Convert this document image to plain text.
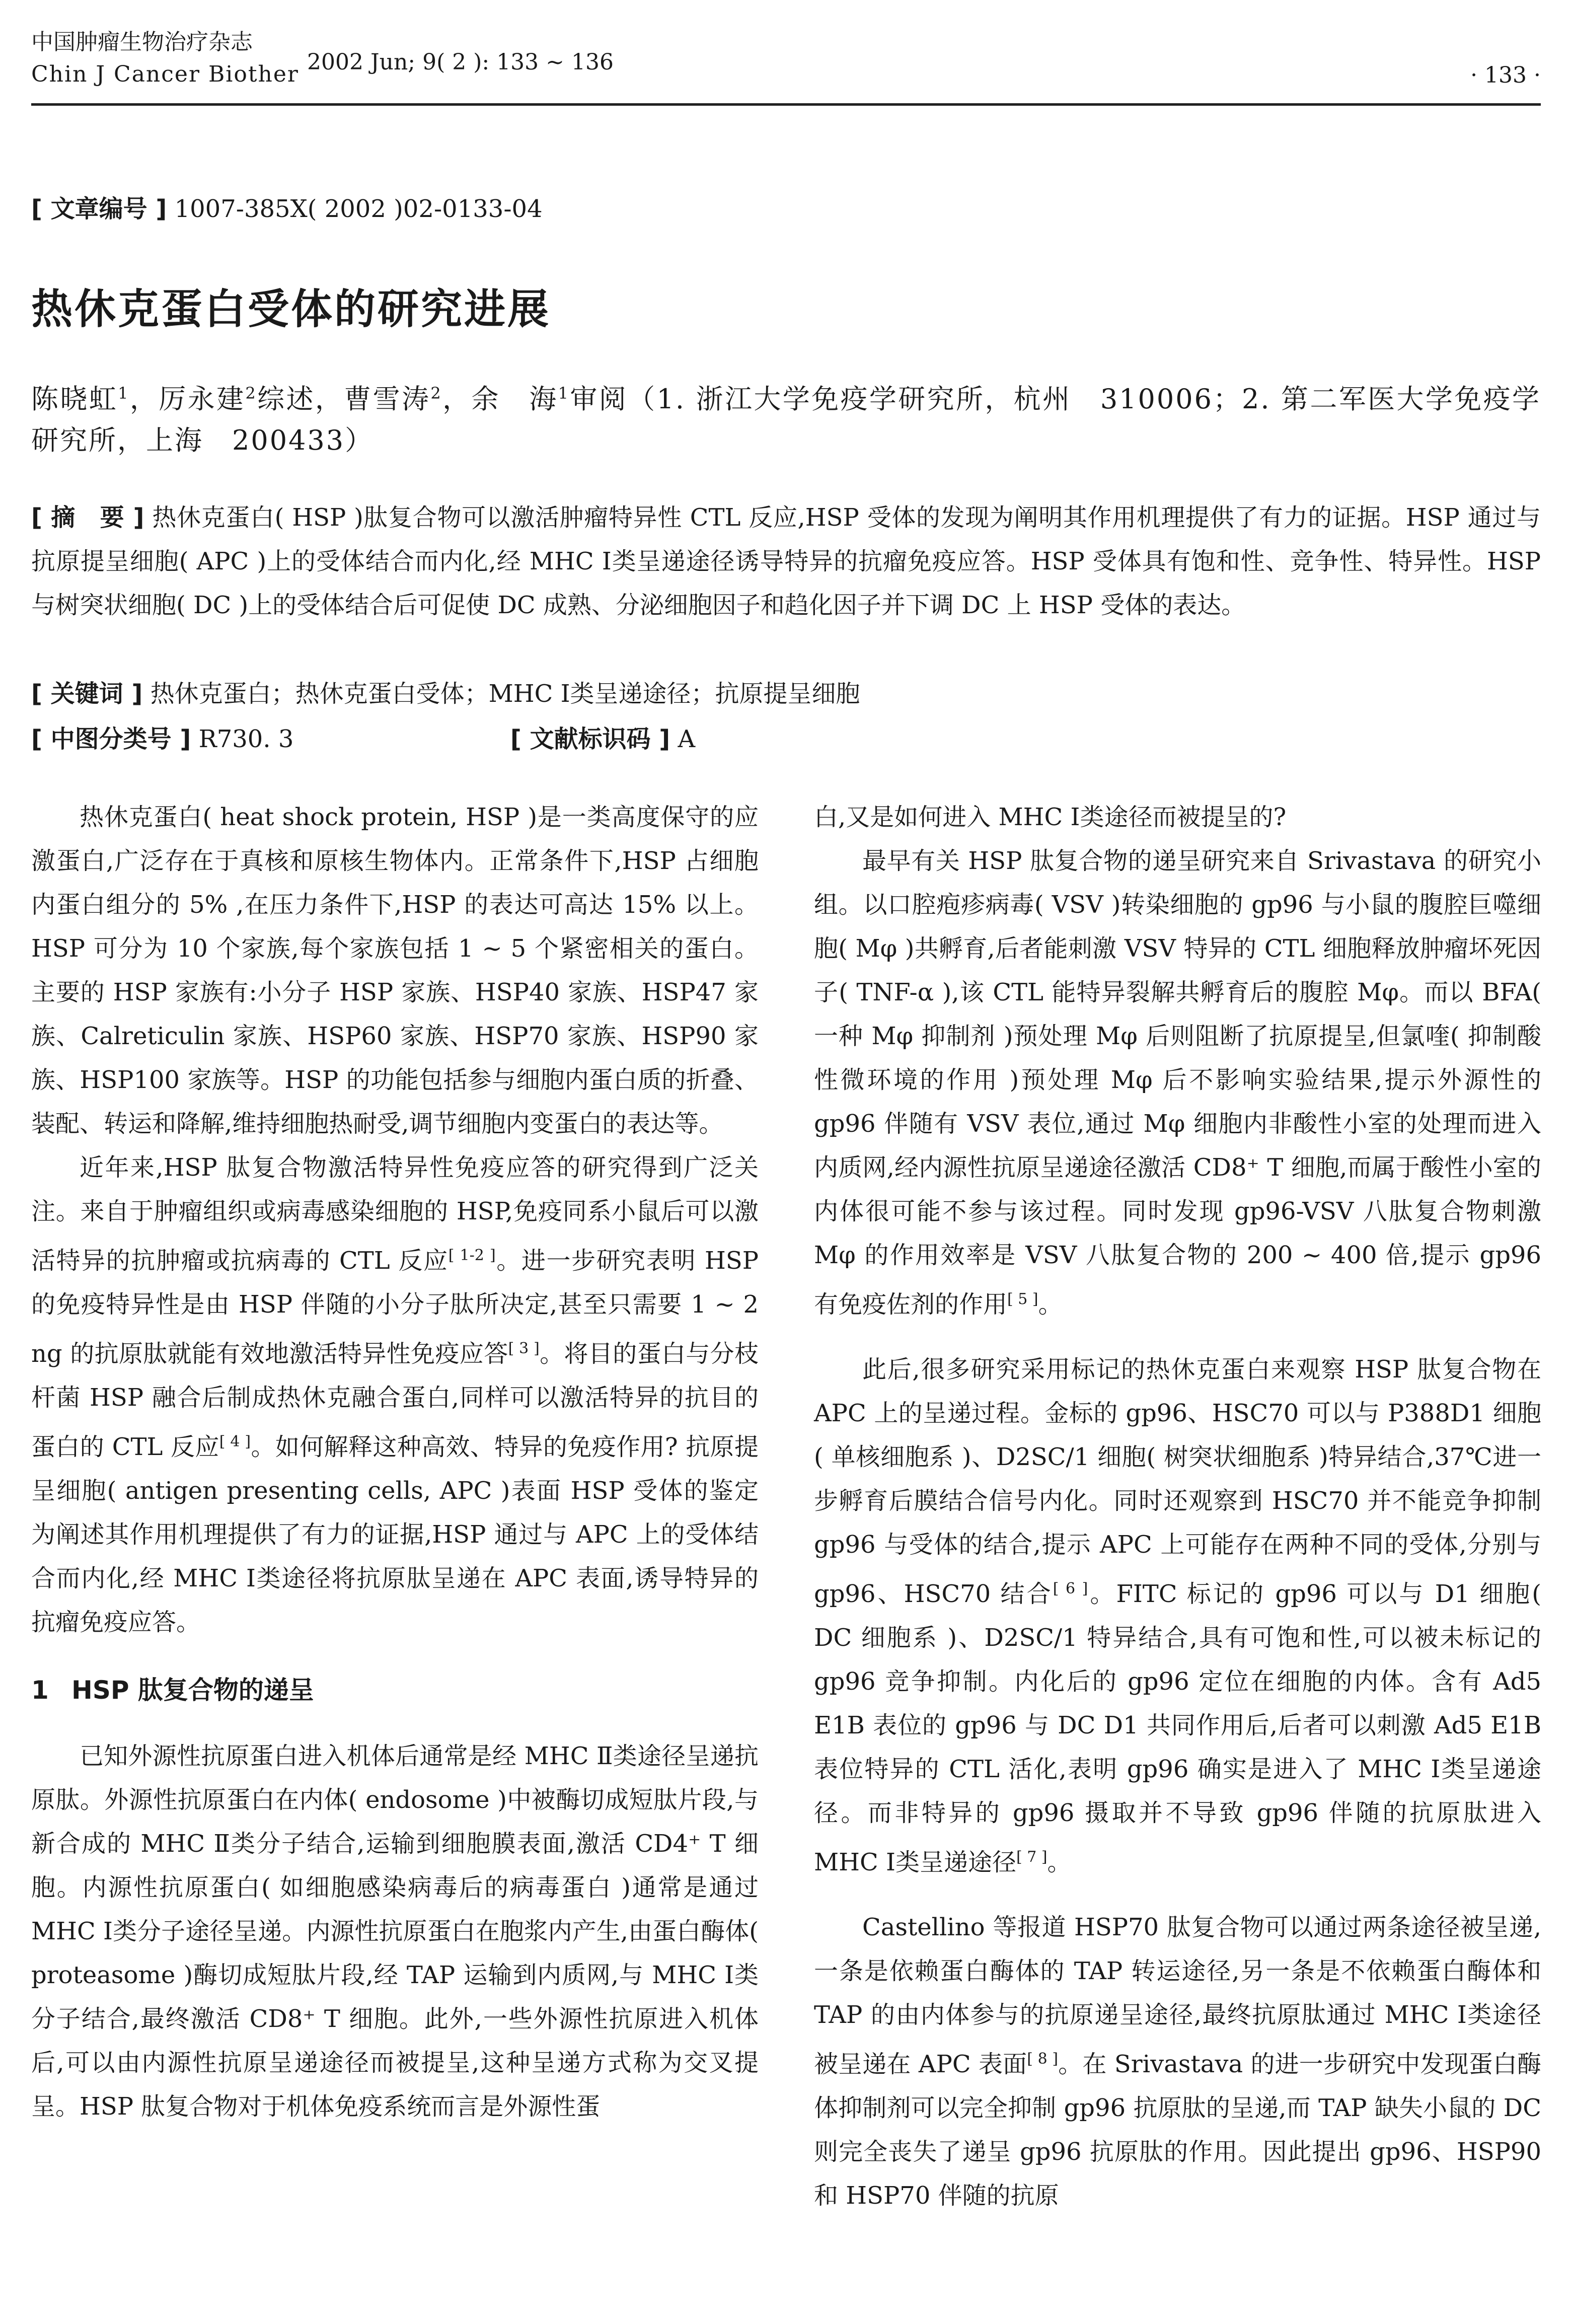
中国肿瘤生物治疗杂志
Chin J Cancer Biother 2002 Jun; 9( 2 ): 133 ~ 136
· 133 ·
[ 文章编号 ] 1007-385X( 2002 )02-0133-04
热休克蛋白受体的研究进展
陈晓虹$^1$，厉永建$^2$综述，曹雪涛$^2$，余　海$^1$审阅（1. 浙江大学免疫学研究所，杭州　310006；2. 第二军医大学免疫学研究所，上海　200433）
[ 摘　要 ] 热休克蛋白( HSP )肽复合物可以激活肿瘤特异性 CTL 反应,HSP 受体的发现为阐明其作用机理提供了有力的证据。HSP 通过与抗原提呈细胞( APC )上的受体结合而内化,经 MHC Ⅰ类呈递途径诱导特异的抗瘤免疫应答。HSP 受体具有饱和性、竞争性、特异性。HSP 与树突状细胞( DC )上的受体结合后可促使 DC 成熟、分泌细胞因子和趋化因子并下调 DC 上 HSP 受体的表达。
[ 关键词 ] 热休克蛋白；热休克蛋白受体；MHC Ⅰ类呈递途径；抗原提呈细胞
[ 中图分类号 ] R730. 3	[ 文献标识码 ] A

热休克蛋白( heat shock protein, HSP )是一类高度保守的应激蛋白,广泛存在于真核和原核生物体内。正常条件下,HSP 占细胞内蛋白组分的 5% ,在压力条件下,HSP 的表达可高达 15% 以上。HSP 可分为 10 个家族,每个家族包括 1 ~ 5 个紧密相关的蛋白。主要的 HSP 家族有:小分子 HSP 家族、HSP40 家族、HSP47 家族、Calreticulin 家族、HSP60 家族、HSP70 家族、HSP90 家族、HSP100 家族等。HSP 的功能包括参与细胞内蛋白质的折叠、装配、转运和降解,维持细胞热耐受,调节细胞内变蛋白的表达等。

近年来,HSP 肽复合物激活特异性免疫应答的研究得到广泛关注。来自于肿瘤组织或病毒感染细胞的 HSP,免疫同系小鼠后可以激活特异的抗肿瘤或抗病毒的 CTL 反应[ 1-2 ]。进一步研究表明 HSP 的免疫特异性是由 HSP 伴随的小分子肽所决定,甚至只需要 1 ~ 2 ng 的抗原肽就能有效地激活特异性免疫应答[ 3 ]。将目的蛋白与分枝杆菌 HSP 融合后制成热休克融合蛋白,同样可以激活特异的抗目的蛋白的 CTL 反应[ 4 ]。如何解释这种高效、特异的免疫作用? 抗原提呈细胞( antigen presenting cells, APC )表面 HSP 受体的鉴定为阐述其作用机理提供了有力的证据,HSP 通过与 APC 上的受体结合而内化,经 MHC Ⅰ类途径将抗原肽呈递在 APC 表面,诱导特异的抗瘤免疫应答。

1 HSP 肽复合物的递呈

已知外源性抗原蛋白进入机体后通常是经 MHC Ⅱ类途径呈递抗原肽。外源性抗原蛋白在内体( endosome )中被酶切成短肽片段,与新合成的 MHC Ⅱ类分子结合,运输到细胞膜表面,激活 CD4⁺ T 细胞。内源性抗原蛋白( 如细胞感染病毒后的病毒蛋白 )通常是通过 MHC Ⅰ类分子途径呈递。内源性抗原蛋白在胞浆内产生,由蛋白酶体( proteasome )酶切成短肽片段,经 TAP 运输到内质网,与 MHC Ⅰ类分子结合,最终激活 CD8⁺ T 细胞。此外,一些外源性抗原进入机体后,可以由内源性抗原呈递途径而被提呈,这种呈递方式称为交叉提呈。HSP 肽复合物对于机体免疫系统而言是外源性蛋

白,又是如何进入 MHC Ⅰ类途径而被提呈的?

最早有关 HSP 肽复合物的递呈研究来自 Srivastava 的研究小组。以口腔疱疹病毒( VSV )转染细胞的 gp96 与小鼠的腹腔巨噬细胞( Mφ )共孵育,后者能刺激 VSV 特异的 CTL 细胞释放肿瘤坏死因子( TNF-α ),该 CTL 能特异裂解共孵育后的腹腔 Mφ。而以 BFA( 一种 Mφ 抑制剂 )预处理 Mφ 后则阻断了抗原提呈,但氯喹( 抑制酸性微环境的作用 )预处理 Mφ 后不影响实验结果,提示外源性的 gp96 伴随有 VSV 表位,通过 Mφ 细胞内非酸性小室的处理而进入内质网,经内源性抗原呈递途径激活 CD8⁺ T 细胞,而属于酸性小室的内体很可能不参与该过程。同时发现 gp96-VSV 八肽复合物刺激 Mφ 的作用效率是 VSV 八肽复合物的 200 ~ 400 倍,提示 gp96 有免疫佐剂的作用[ 5 ]。

此后,很多研究采用标记的热休克蛋白来观察 HSP 肽复合物在 APC 上的呈递过程。金标的 gp96、HSC70 可以与 P388D1 细胞( 单核细胞系 )、D2SC/1 细胞( 树突状细胞系 )特异结合,37℃进一步孵育后膜结合信号内化。同时还观察到 HSC70 并不能竞争抑制 gp96 与受体的结合,提示 APC 上可能存在两种不同的受体,分别与 gp96、HSC70 结合[ 6 ]。FITC 标记的 gp96 可以与 D1 细胞( DC 细胞系 )、D2SC/1 特异结合,具有可饱和性,可以被未标记的 gp96 竞争抑制。内化后的 gp96 定位在细胞的内体。含有 Ad5 E1B 表位的 gp96 与 DC D1 共同作用后,后者可以刺激 Ad5 E1B 表位特异的 CTL 活化,表明 gp96 确实是进入了 MHC Ⅰ类呈递途径。而非特异的 gp96 摄取并不导致 gp96 伴随的抗原肽进入 MHC Ⅰ类呈递途径[ 7 ]。

Castellino 等报道 HSP70 肽复合物可以通过两条途径被呈递,一条是依赖蛋白酶体的 TAP 转运途径,另一条是不依赖蛋白酶体和 TAP 的由内体参与的抗原递呈途径,最终抗原肽通过 MHC Ⅰ类途径被呈递在 APC 表面[ 8 ]。在 Srivastava 的进一步研究中发现蛋白酶体抑制剂可以完全抑制 gp96 抗原肽的呈递,而 TAP 缺失小鼠的 DC 则完全丧失了递呈 gp96 抗原肽的作用。因此提出 gp96、HSP90 和 HSP70 伴随的抗原
